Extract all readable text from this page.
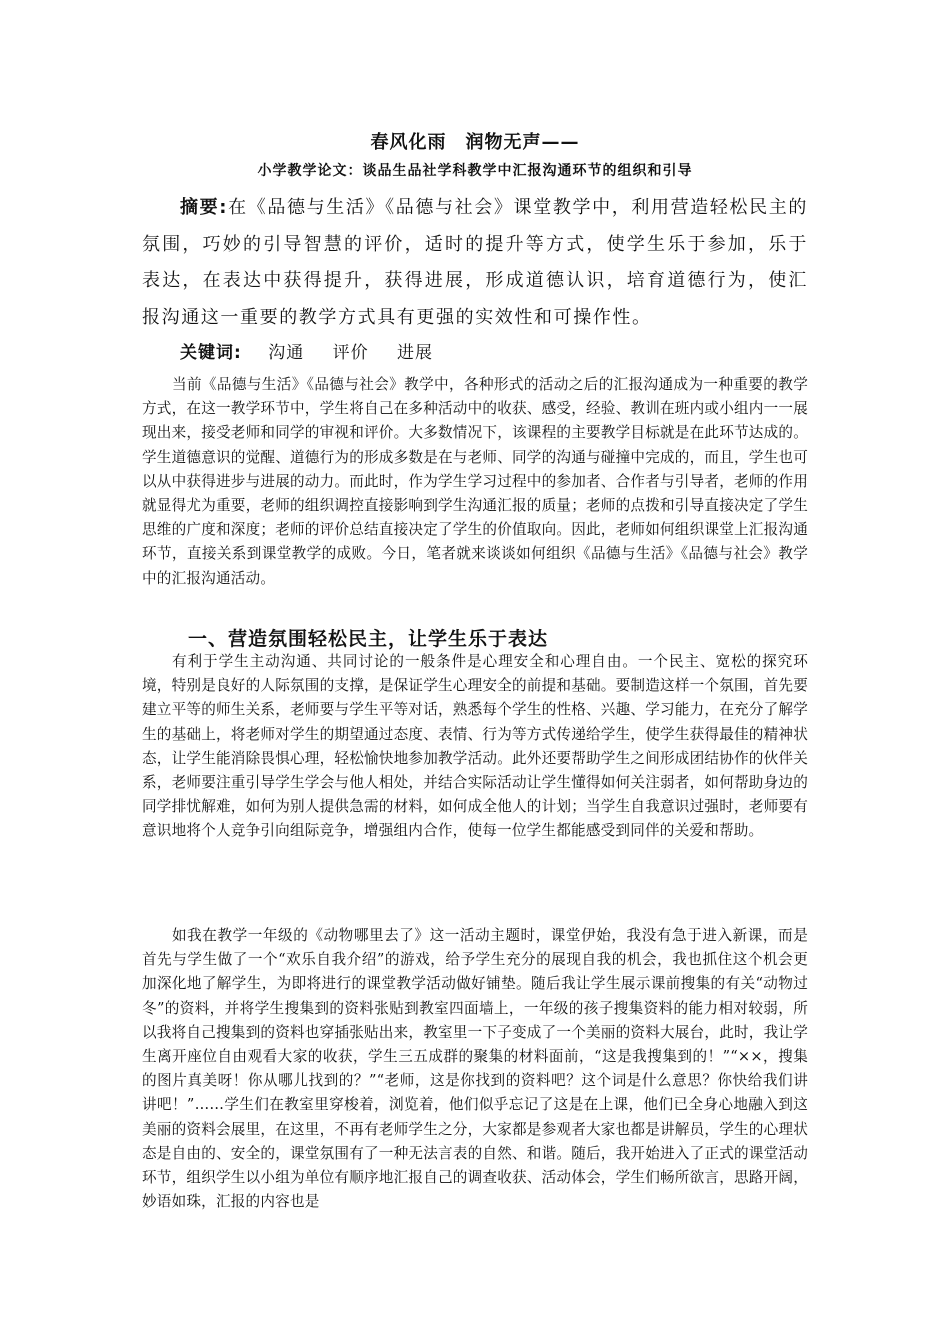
春风化雨　润物无声——
小学教学论文：谈品生品社学科教学中汇报沟通环节的组织和引导

摘要:在《品德与生活》《品德与社会》课堂教学中，利用营造轻松民主的氛围，巧妙的引导智慧的评价，适时的提升等方式，使学生乐于参加，乐于表达，在表达中获得提升，获得进展，形成道德认识，培育道德行为，使汇报沟通这一重要的教学方式具有更强的实效性和可操作性。

关键词: 沟通 评价 进展

当前《品德与生活》《品德与社会》教学中，各种形式的活动之后的汇报沟通成为一种重要的教学方式，在这一教学环节中，学生将自己在多种活动中的收获、感受，经验、教训在班内或小组内一一展现出来，接受老师和同学的审视和评价。大多数情况下，该课程的主要教学目标就是在此环节达成的。学生道德意识的觉醒、道德行为的形成多数是在与老师、同学的沟通与碰撞中完成的，而且，学生也可以从中获得进步与进展的动力。而此时，作为学生学习过程中的参加者、合作者与引导者，老师的作用就显得尤为重要，老师的组织调控直接影响到学生沟通汇报的质量；老师的点拨和引导直接决定了学生思维的广度和深度；老师的评价总结直接决定了学生的价值取向。因此，老师如何组织课堂上汇报沟通环节，直接关系到课堂教学的成败。今日，笔者就来谈谈如何组织《品德与生活》《品德与社会》教学中的汇报沟通活动。

一、营造氛围轻松民主，让学生乐于表达

有利于学生主动沟通、共同讨论的一般条件是心理安全和心理自由。一个民主、宽松的探究环境，特别是良好的人际氛围的支撑，是保证学生心理安全的前提和基础。要制造这样一个氛围，首先要建立平等的师生关系，老师要与学生平等对话，熟悉每个学生的性格、兴趣、学习能力，在充分了解学生的基础上，将老师对学生的期望通过态度、表情、行为等方式传递给学生，使学生获得最佳的精神状态，让学生能消除畏惧心理，轻松愉快地参加教学活动。此外还要帮助学生之间形成团结协作的伙伴关系，老师要注重引导学生学会与他人相处，并结合实际活动让学生懂得如何关注弱者，如何帮助身边的同学排忧解难，如何为别人提供急需的材料，如何成全他人的计划；当学生自我意识过强时，老师要有意识地将个人竞争引向组际竞争，增强组内合作，使每一位学生都能感受到同伴的关爱和帮助。

如我在教学一年级的《动物哪里去了》这一活动主题时，课堂伊始，我没有急于进入新课，而是首先与学生做了一个“欢乐自我介绍”的游戏，给予学生充分的展现自我的机会，我也抓住这个机会更加深化地了解学生，为即将进行的课堂教学活动做好铺垫。随后我让学生展示课前搜集的有关“动物过冬”的资料，并将学生搜集到的资料张贴到教室四面墙上，一年级的孩子搜集资料的能力相对较弱，所以我将自己搜集到的资料也穿插张贴出来，教室里一下子变成了一个美丽的资料大展台，此时，我让学生离开座位自由观看大家的收获，学生三五成群的聚集的材料面前，“这是我搜集到的！”“××，搜集的图片真美呀！你从哪儿找到的？”“老师，这是你找到的资料吧？这个词是什么意思？你快给我们讲讲吧！”……学生们在教室里穿梭着，浏览着，他们似乎忘记了这是在上课，他们已全身心地融入到这美丽的资料会展里，在这里，不再有老师学生之分，大家都是参观者大家也都是讲解员，学生的心理状态是自由的、安全的，课堂氛围有了一种无法言表的自然、和谐。随后，我开始进入了正式的课堂活动环节，组织学生以小组为单位有顺序地汇报自己的调查收获、活动体会，学生们畅所欲言，思路开阔，妙语如珠，汇报的内容也是
